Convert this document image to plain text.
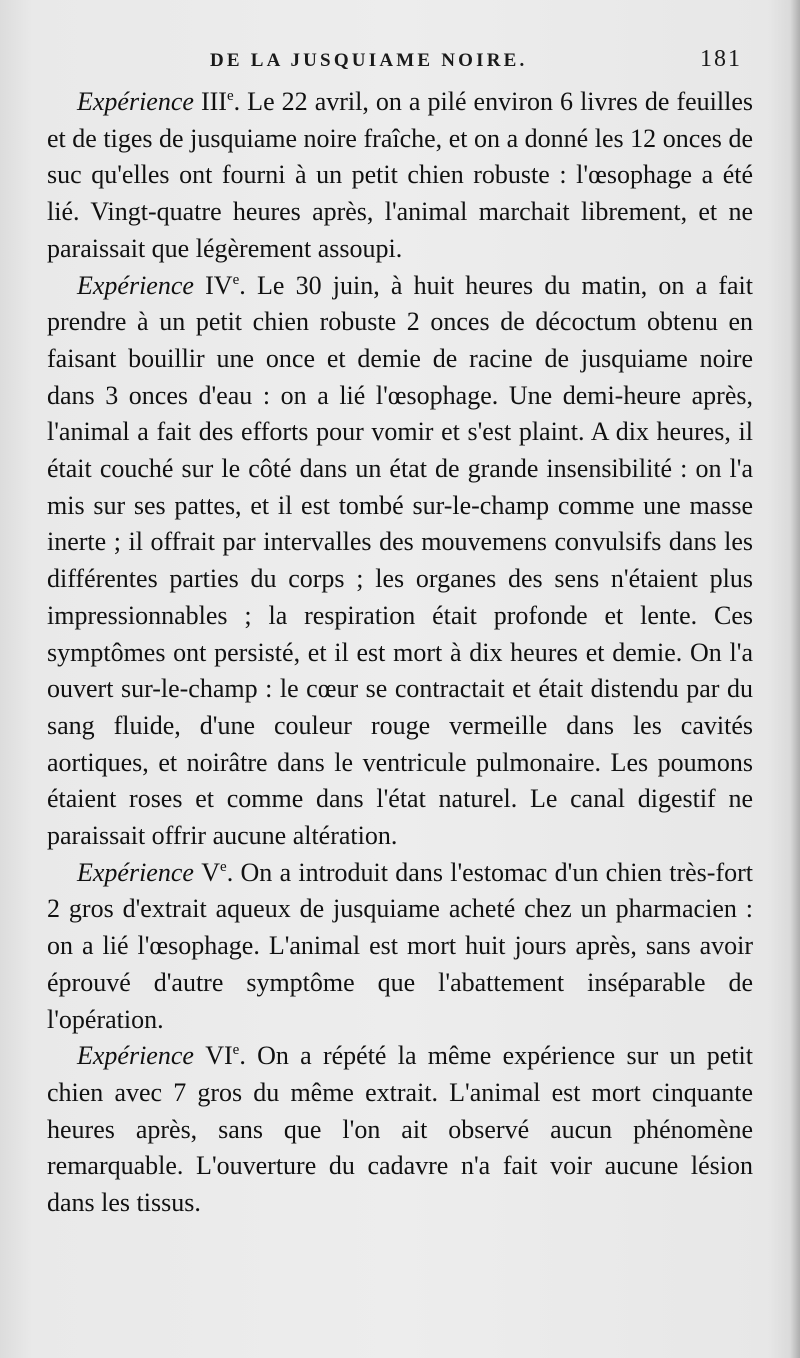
DE LA JUSQUIAME NOIRE.	181

Expérience IIIe. Le 22 avril, on a pilé environ 6 livres de feuilles et de tiges de jusquiame noire fraîche, et on a donné les 12 onces de suc qu'elles ont fourni à un petit chien robuste : l'œsophage a été lié. Vingt-quatre heures après, l'animal marchait librement, et ne paraissait que légèrement assoupi.

Expérience IVe. Le 30 juin, à huit heures du matin, on a fait prendre à un petit chien robuste 2 onces de décoctum obtenu en faisant bouillir une once et demie de racine de jusquiame noire dans 3 onces d'eau : on a lié l'œsophage. Une demi-heure après, l'animal a fait des efforts pour vomir et s'est plaint. A dix heures, il était couché sur le côté dans un état de grande insensibilité : on l'a mis sur ses pattes, et il est tombé sur-le-champ comme une masse inerte ; il offrait par intervalles des mouvemens convulsifs dans les différentes parties du corps ; les organes des sens n'étaient plus impressionnables ; la respiration était profonde et lente. Ces symptômes ont persisté, et il est mort à dix heures et demie. On l'a ouvert sur-le-champ : le cœur se contractait et était distendu par du sang fluide, d'une couleur rouge vermeille dans les cavités aortiques, et noirâtre dans le ventricule pulmonaire. Les poumons étaient roses et comme dans l'état naturel. Le canal digestif ne paraissait offrir aucune altération.

Expérience Ve. On a introduit dans l'estomac d'un chien très-fort 2 gros d'extrait aqueux de jusquiame acheté chez un pharmacien : on a lié l'œsophage. L'animal est mort huit jours après, sans avoir éprouvé d'autre symptôme que l'abattement inséparable de l'opération.

Expérience VIe. On a répété la même expérience sur un petit chien avec 7 gros du même extrait. L'animal est mort cinquante heures après, sans que l'on ait observé aucun phénomène remarquable. L'ouverture du cadavre n'a fait voir aucune lésion dans les tissus.
